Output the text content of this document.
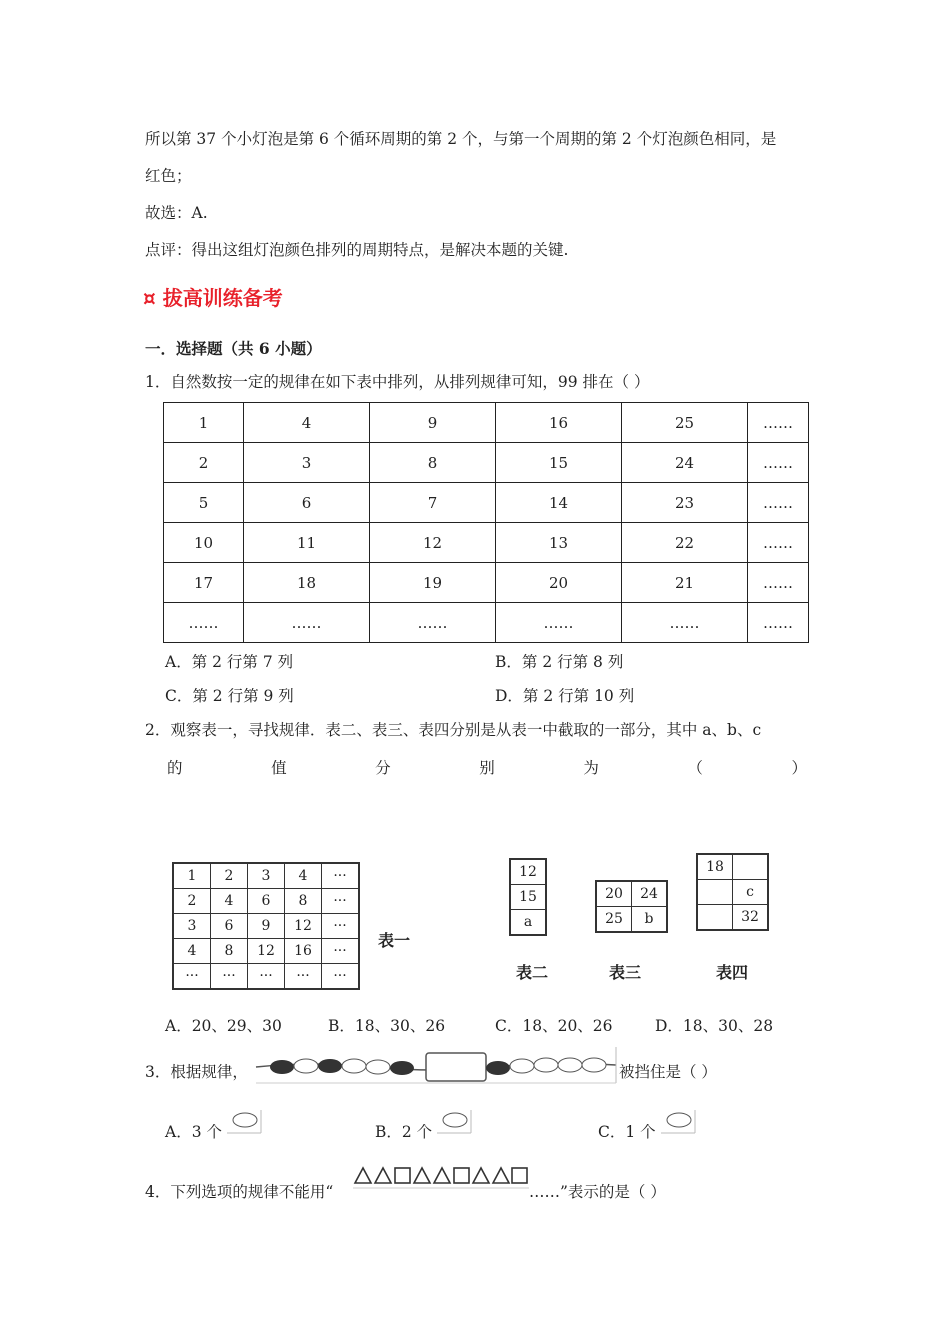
所以第 37 个小灯泡是第 6 个循环周期的第 2 个，与第一个周期的第 2 个灯泡颜色相同，是
红色；
故选：A.
点评：得出这组灯泡颜色排列的周期特点，是解决本题的关键.
¤ 拔高训练备考
一．选择题（共 6 小题）
1．自然数按一定的规律在如下表中排列，从排列规律可知，99 排在（ ）
1	4	9	16	25	……
2	3	8	15	24	……
5	6	7	14	23	……
10	11	12	13	22	……
17	18	19	20	21	……
……	……	……	……	……	……
A．第 2 行第 7 列	B．第 2 行第 8 列
C．第 2 行第 9 列	D．第 2 行第 10 列
2．观察表一，寻找规律．表二、表三、表四分别是从表一中截取的一部分，其中 a、b、c
的	值	分	别	为	（	）
1	2	3	4	···
2	4	6	8	···
3	6	9	12	···
4	8	12	16	···
···	···	···	···	···
表一
12
15
a
表二
20	24
25	b
表三
18	
	c
	32
表四
A．20、29、30	B．18、30、26	C．18、20、26	D．18、30、28
3．根据规律，	被挡住是（ ）
A．3 个	B．2 个	C．1 个
4．下列选项的规律不能用“	……”表示的是（ ）
